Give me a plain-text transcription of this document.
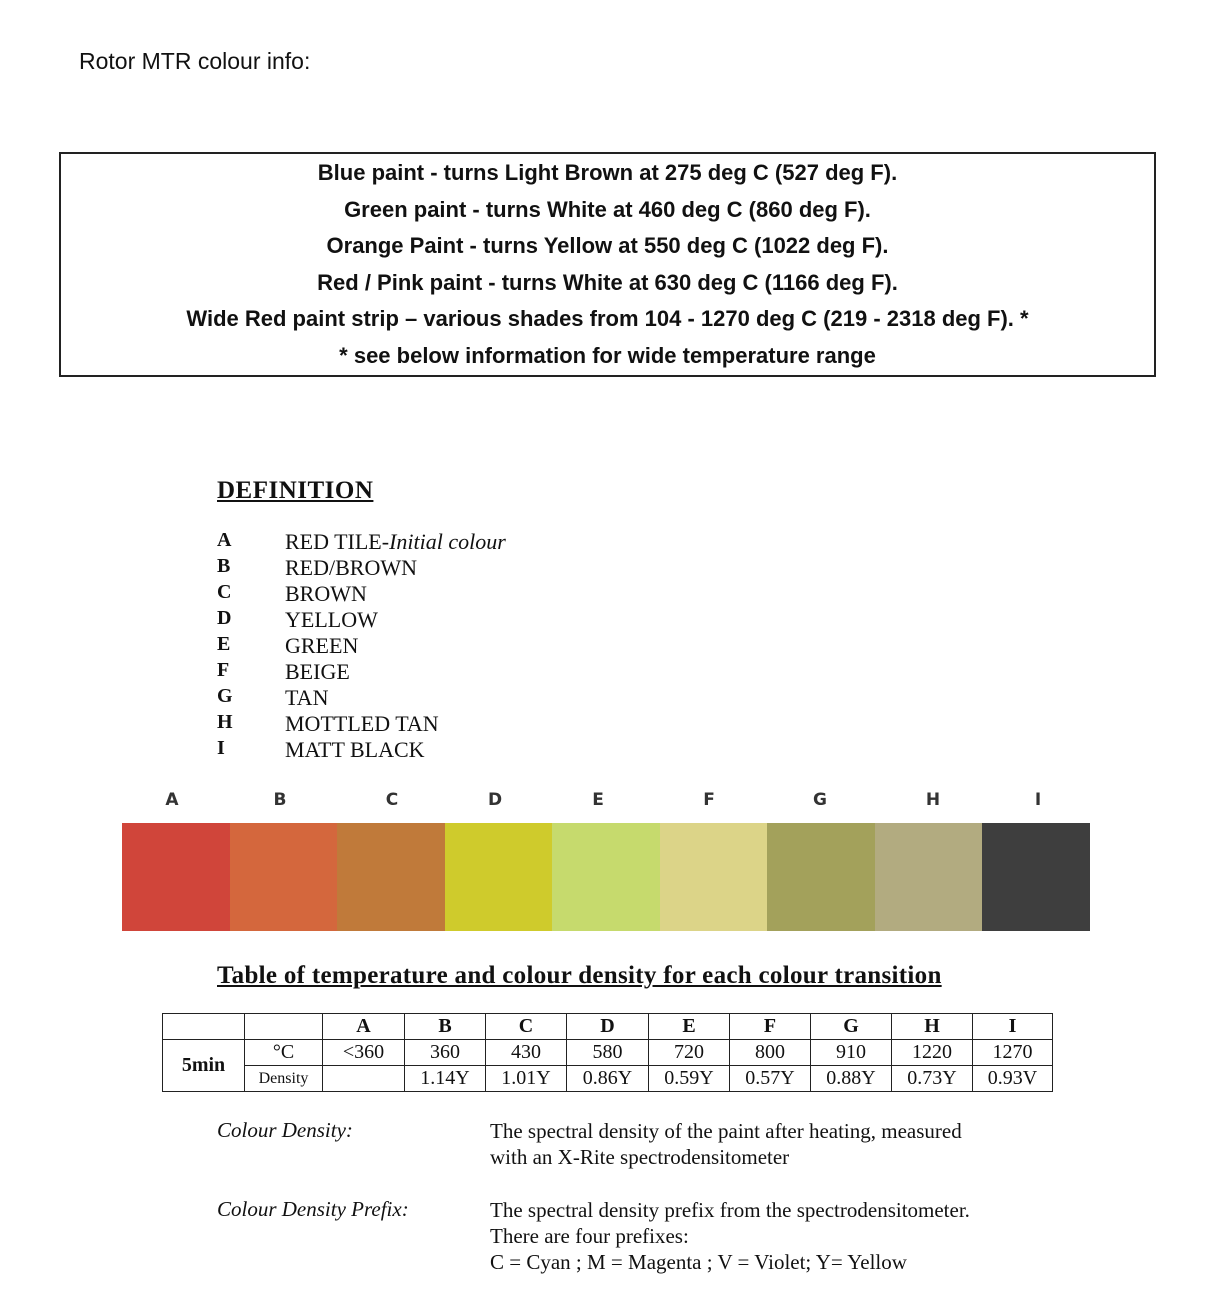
Rotor MTR colour info:
Blue paint - turns Light Brown at 275 deg C (527 deg F).
Green paint - turns White at 460 deg C (860 deg F).
Orange Paint - turns Yellow at 550 deg C (1022 deg F).
Red / Pink paint - turns White at 630 deg C (1166 deg F).
Wide Red paint strip – various shades from 104 - 1270 deg C (219 - 2318 deg F). *
* see below information for wide temperature range
DEFINITION
A RED TILE-Initial colour
B RED/BROWN
C BROWN
D YELLOW
E GREEN
F	BEIGE
G TAN
H MOTTLED TAN
I	MATT BLACK
A	B	C	D	E	F	G	H	I
Table of temperature and colour density for each colour transition
		A	B	C	D	E	F	G	H	I
5min	°C	<360	360	430	580	720	800	910	1220	1270
	Density		1.14Y	1.01Y	0.86Y	0.59Y	0.57Y	0.88Y	0.73Y	0.93V
Colour Density:	The spectral density of the paint after heating, measured
with an X-Rite spectrodensitometer
Colour Density Prefix:	The spectral density prefix from the spectrodensitometer.
There are four prefixes:
C = Cyan ; M = Magenta ; V = Violet; Y= Yellow
